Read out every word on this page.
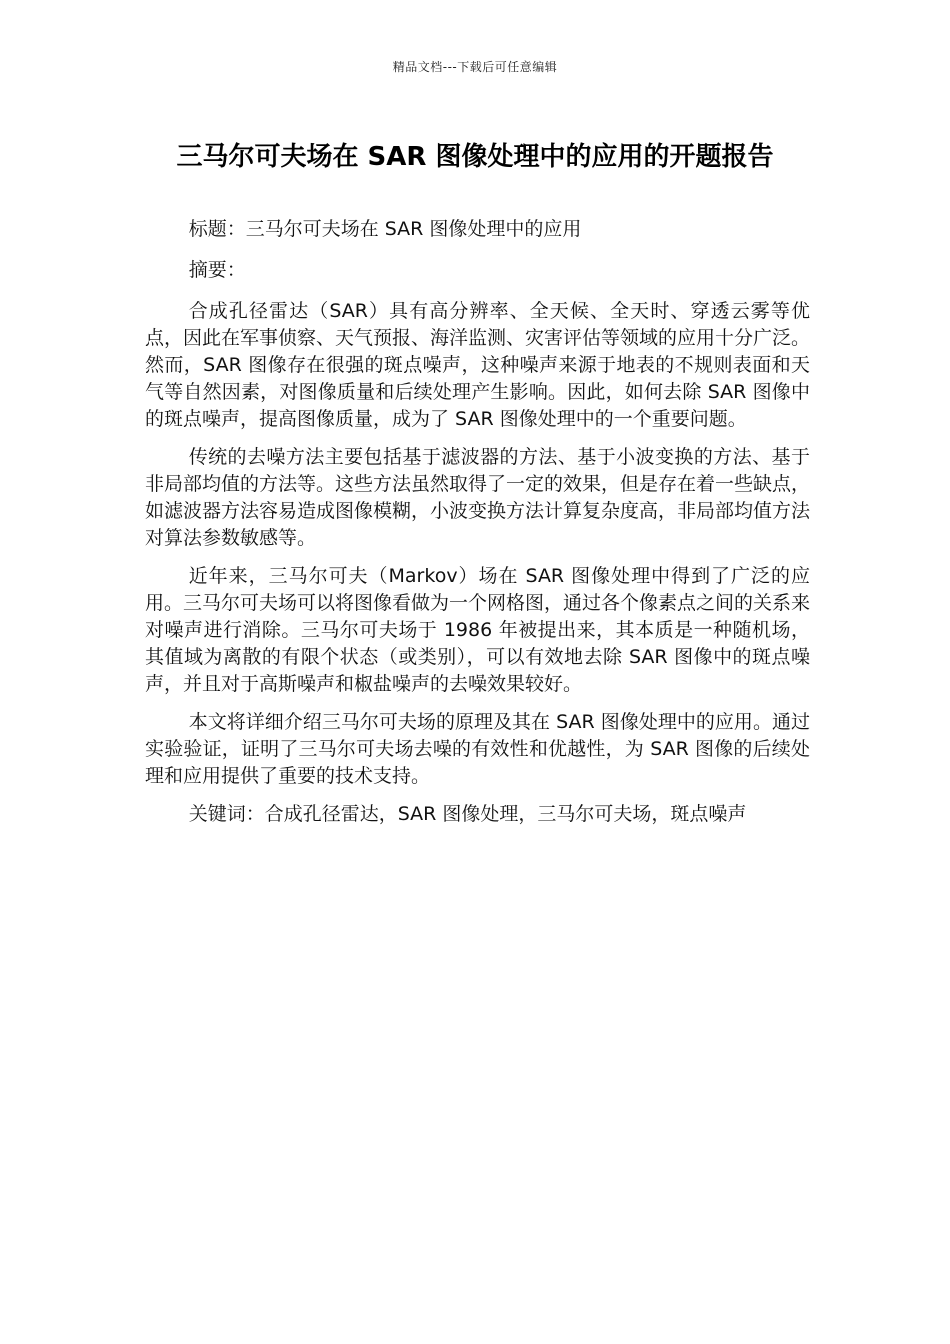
精品文档---下载后可任意编辑
三马尔可夫场在 SAR 图像处理中的应用的开题报告

标题：三马尔可夫场在 SAR 图像处理中的应用

摘要：

合成孔径雷达（SAR）具有高分辨率、全天候、全天时、穿透云雾等优点，因此在军事侦察、天气预报、海洋监测、灾害评估等领域的应用十分广泛。然而，SAR 图像存在很强的斑点噪声，这种噪声来源于地表的不规则表面和天气等自然因素，对图像质量和后续处理产生影响。因此，如何去除 SAR 图像中的斑点噪声，提高图像质量，成为了 SAR 图像处理中的一个重要问题。

传统的去噪方法主要包括基于滤波器的方法、基于小波变换的方法、基于非局部均值的方法等。这些方法虽然取得了一定的效果，但是存在着一些缺点，如滤波器方法容易造成图像模糊，小波变换方法计算复杂度高，非局部均值方法对算法参数敏感等。

近年来，三马尔可夫（Markov）场在 SAR 图像处理中得到了广泛的应用。三马尔可夫场可以将图像看做为一个网格图，通过各个像素点之间的关系来对噪声进行消除。三马尔可夫场于 1986 年被提出来，其本质是一种随机场，其值域为离散的有限个状态（或类别），可以有效地去除 SAR 图像中的斑点噪声，并且对于高斯噪声和椒盐噪声的去噪效果较好。

本文将详细介绍三马尔可夫场的原理及其在 SAR 图像处理中的应用。通过实验验证，证明了三马尔可夫场去噪的有效性和优越性，为 SAR 图像的后续处理和应用提供了重要的技术支持。

关键词：合成孔径雷达，SAR 图像处理，三马尔可夫场，斑点噪声
